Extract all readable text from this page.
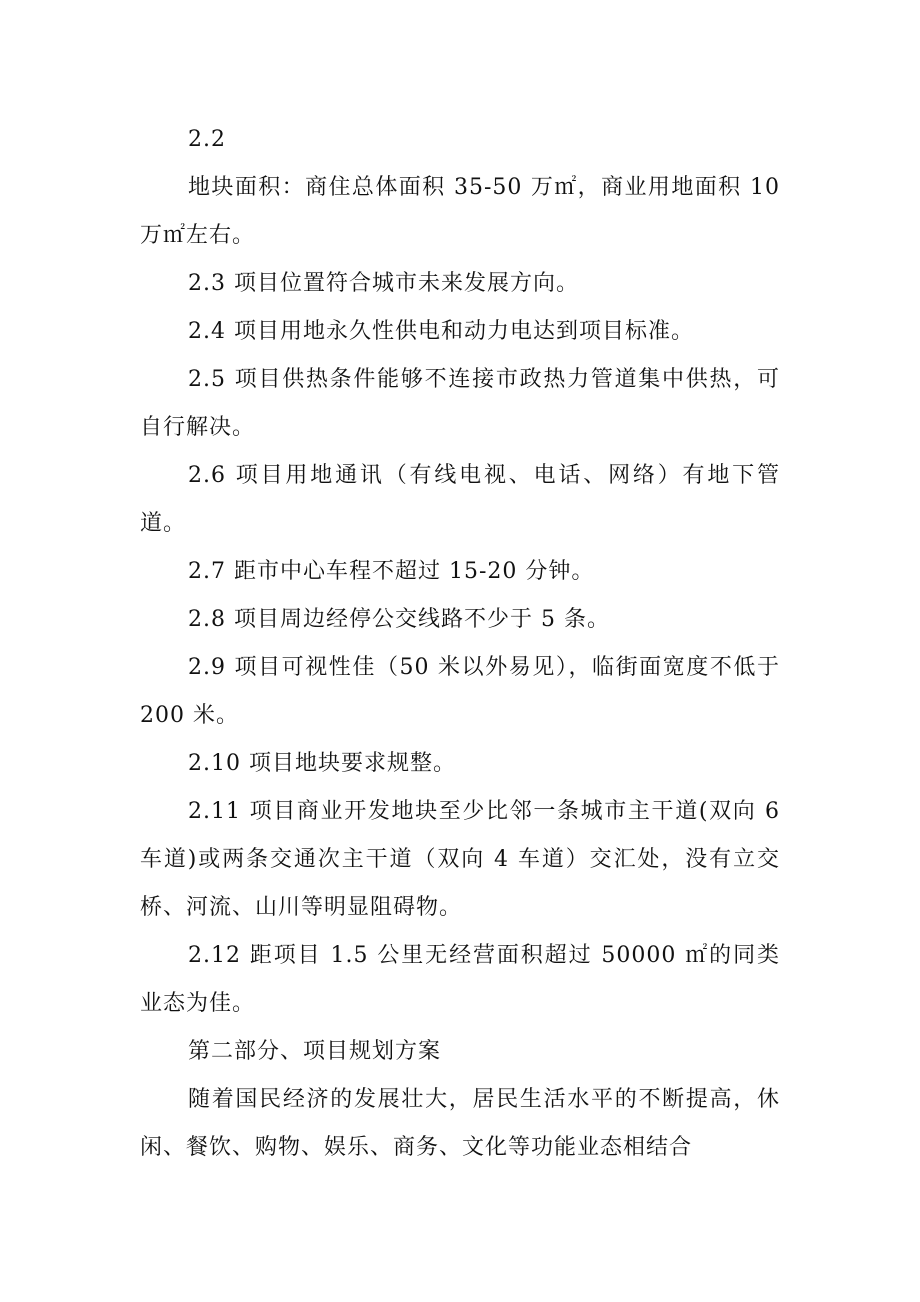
2.2

地块面积：商住总体面积 35-50 万㎡，商业用地面积 10 万㎡左右。

2.3 项目位置符合城市未来发展方向。

2.4 项目用地永久性供电和动力电达到项目标准。

2.5 项目供热条件能够不连接市政热力管道集中供热，可自行解决。

2.6 项目用地通讯（有线电视、电话、网络）有地下管道。

2.7 距市中心车程不超过 15-20 分钟。

2.8 项目周边经停公交线路不少于 5 条。

2.9 项目可视性佳（50 米以外易见），临街面宽度不低于 200 米。

2.10 项目地块要求规整。

2.11 项目商业开发地块至少比邻一条城市主干道(双向 6 车道)或两条交通次主干道（双向 4 车道）交汇处，没有立交桥、河流、山川等明显阻碍物。

2.12 距项目 1.5 公里无经营面积超过 50000 ㎡的同类业态为佳。

第二部分、项目规划方案

随着国民经济的发展壮大，居民生活水平的不断提高，休闲、餐饮、购物、娱乐、商务、文化等功能业态相结合
